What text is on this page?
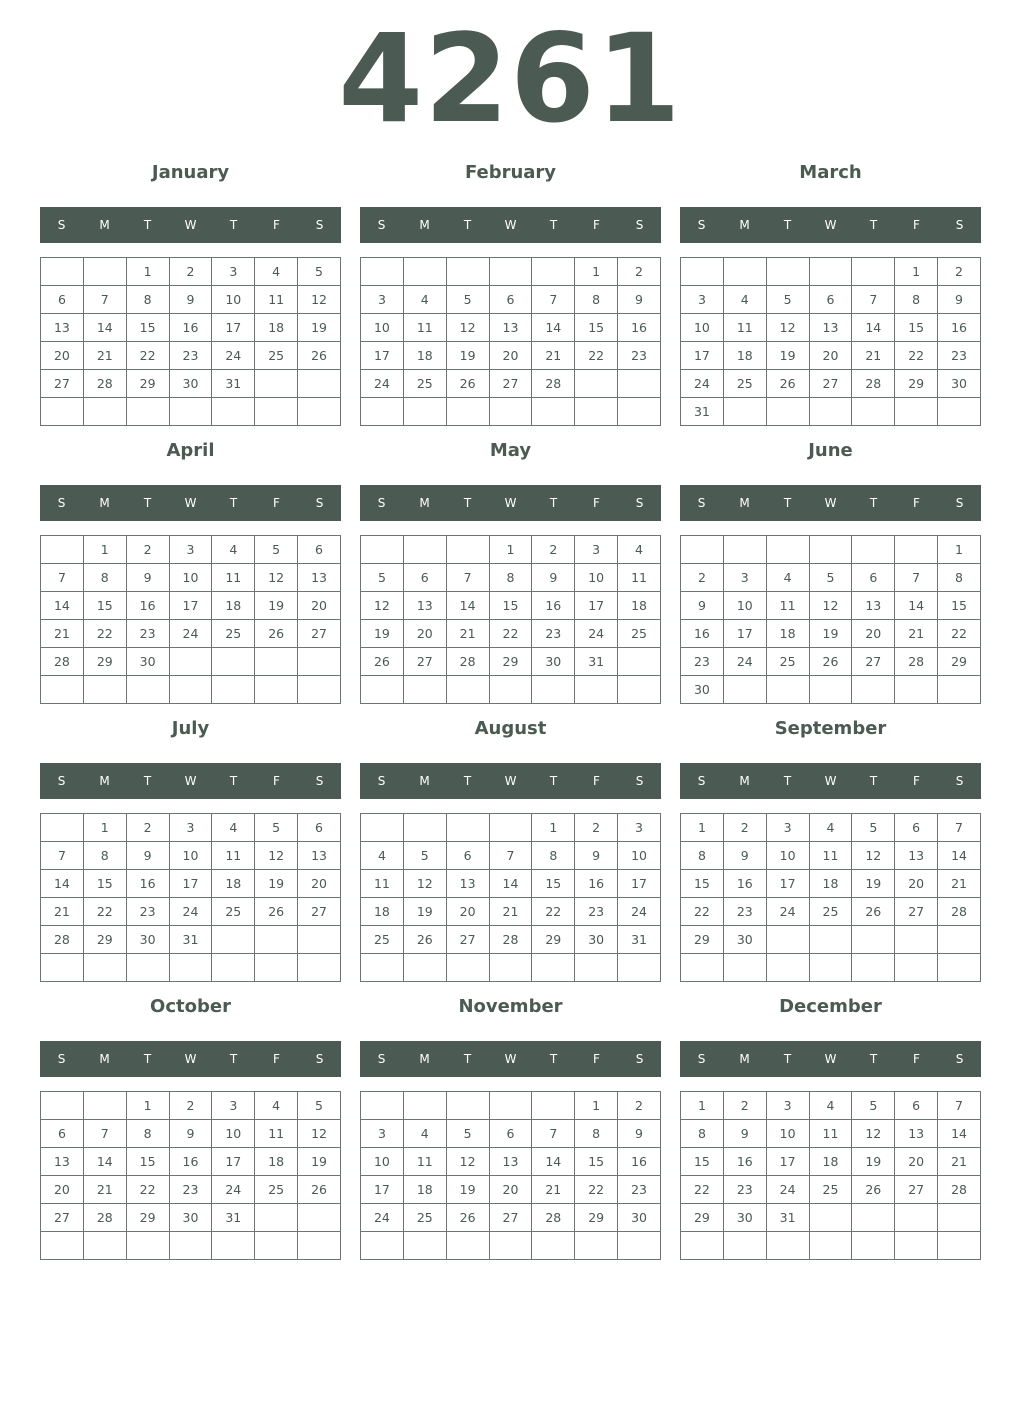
4261
January
S	M	T	W	T	F	S
		1	2	3	4	5
6	7	8	9	10	11	12
13	14	15	16	17	18	19
20	21	22	23	24	25	26
27	28	29	30	31		

February
S	M	T	W	T	F	S
					1	2
3	4	5	6	7	8	9
10	11	12	13	14	15	16
17	18	19	20	21	22	23
24	25	26	27	28		

March
S	M	T	W	T	F	S
					1	2
3	4	5	6	7	8	9
10	11	12	13	14	15	16
17	18	19	20	21	22	23
24	25	26	27	28	29	30
31						
April
S	M	T	W	T	F	S
	1	2	3	4	5	6
7	8	9	10	11	12	13
14	15	16	17	18	19	20
21	22	23	24	25	26	27
28	29	30				

May
S	M	T	W	T	F	S
			1	2	3	4
5	6	7	8	9	10	11
12	13	14	15	16	17	18
19	20	21	22	23	24	25
26	27	28	29	30	31	

June
S	M	T	W	T	F	S
						1
2	3	4	5	6	7	8
9	10	11	12	13	14	15
16	17	18	19	20	21	22
23	24	25	26	27	28	29
30						
July
S	M	T	W	T	F	S
	1	2	3	4	5	6
7	8	9	10	11	12	13
14	15	16	17	18	19	20
21	22	23	24	25	26	27
28	29	30	31			

August
S	M	T	W	T	F	S
				1	2	3
4	5	6	7	8	9	10
11	12	13	14	15	16	17
18	19	20	21	22	23	24
25	26	27	28	29	30	31

September
S	M	T	W	T	F	S
1	2	3	4	5	6	7
8	9	10	11	12	13	14
15	16	17	18	19	20	21
22	23	24	25	26	27	28
29	30					

October
S	M	T	W	T	F	S
		1	2	3	4	5
6	7	8	9	10	11	12
13	14	15	16	17	18	19
20	21	22	23	24	25	26
27	28	29	30	31		

November
S	M	T	W	T	F	S
					1	2
3	4	5	6	7	8	9
10	11	12	13	14	15	16
17	18	19	20	21	22	23
24	25	26	27	28	29	30

December
S	M	T	W	T	F	S
1	2	3	4	5	6	7
8	9	10	11	12	13	14
15	16	17	18	19	20	21
22	23	24	25	26	27	28
29	30	31				
